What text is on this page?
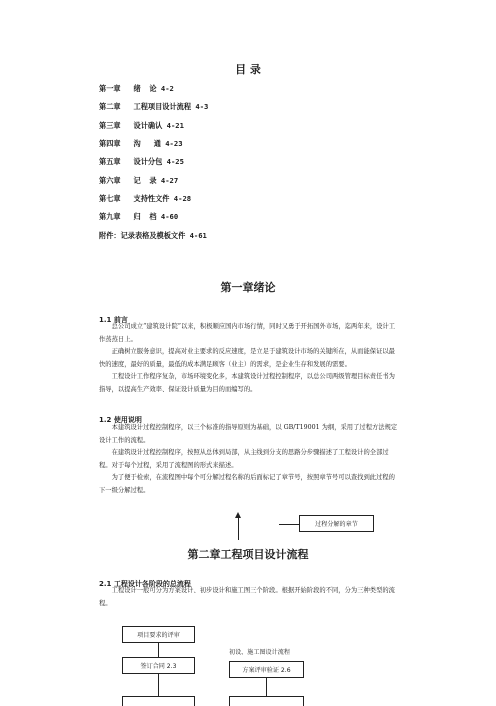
目 录
第一章   绪  论 4-2
第二章   工程项目设计流程 4-3
第三章   设计确认 4-21
第四章   沟   通 4-23
第五章   设计分包 4-25
第六章   记  录 4-27
第七章   支持性文件 4-28
第九章   归  档 4-60
附件：记录表格及模板文件 4-61
第一章绪论
1.1 前言

总公司成立“建筑设计院”以来，积极顺应国内市场行情，同时又勇于开拓国外市场，迄两年来，设计工作蒸蒸日上。

正确树立服务意识，提高对业主要求的反应速度，是立足于建筑设计市场的关键所在，从而能保证以最快的速度，最好的质量，最低的成本满足顾客（业主）的需求，是企业生存和发展的需要。

工程设计工作程序复杂，市场环境变化多，本建筑设计过程控制程序，以总公司两级管理目标责任书为指导，以提高生产效率、保证设计质量为目的而编写的。

1.2 使用说明

本建筑设计过程控制程序，以三个标准的指导原则为基础，以 GB/T19001 为纲，采用了过程方法规定设计工作的流程。

在建筑设计过程控制程序，按照从总体到局部，从主线到分支的思路分步骤描述了工程设计的全部过程。对于每个过程，采用了流程图的形式来描述。

为了便于检索，在流程图中每个可分解过程名称的后面标记了章节号，按照章节号可以查找到此过程的下一级分解过程。

过程分解的章节
第二章工程项目设计流程
2.1 工程设计各阶段的总流程

工程设计一般可分为方案设计、初步设计和施工图三个阶段。根据开始阶段的不同，分为三种类型的流程。

项目要求的评审
签订合同 2.3
初设、施工图设计流程
方案评审验证 2.6
